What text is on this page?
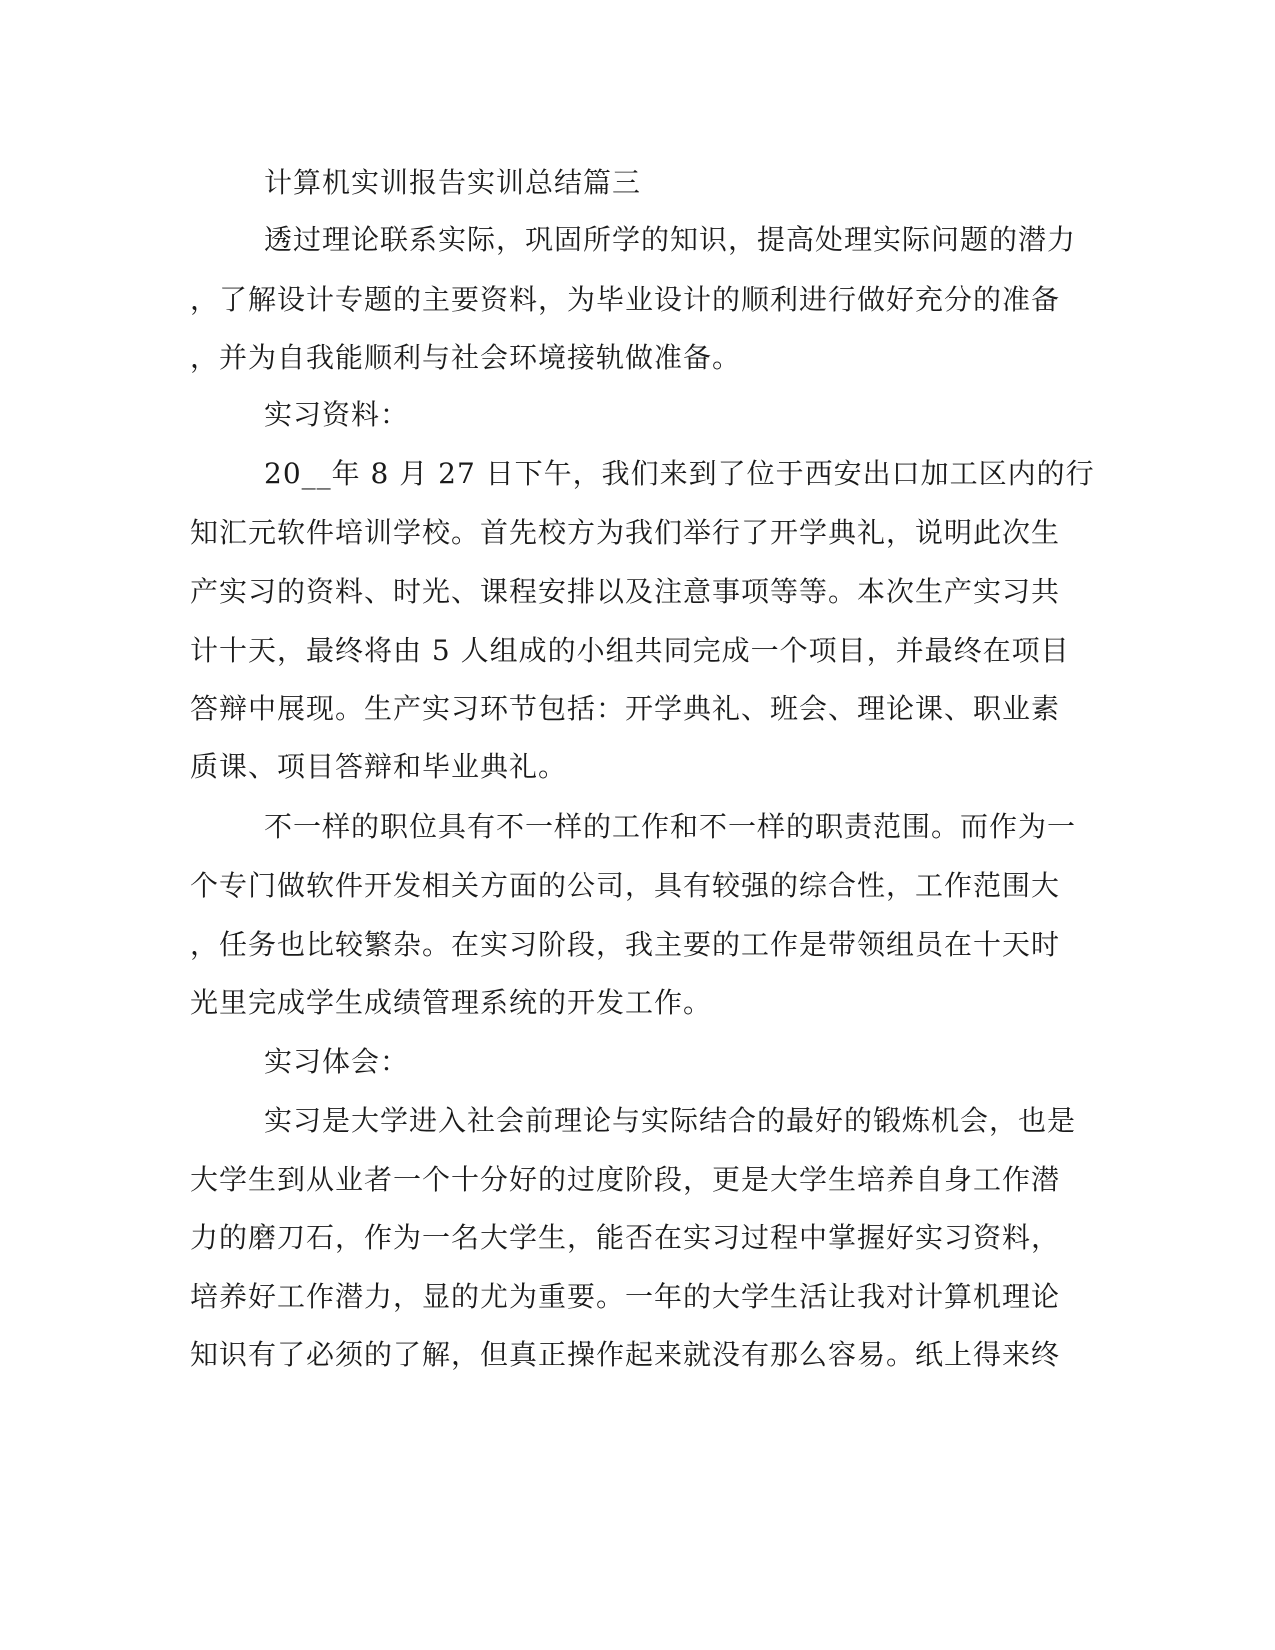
计算机实训报告实训总结篇三
透过理论联系实际，巩固所学的知识，提高处理实际问题的潜力
，了解设计专题的主要资料，为毕业设计的顺利进行做好充分的准备
，并为自我能顺利与社会环境接轨做准备。
实习资料：
20__年 8 月 27 日下午，我们来到了位于西安出口加工区内的行
知汇元软件培训学校。首先校方为我们举行了开学典礼，说明此次生
产实习的资料、时光、课程安排以及注意事项等等。本次生产实习共
计十天，最终将由 5 人组成的小组共同完成一个项目，并最终在项目
答辩中展现。生产实习环节包括：开学典礼、班会、理论课、职业素
质课、项目答辩和毕业典礼。
不一样的职位具有不一样的工作和不一样的职责范围。而作为一
个专门做软件开发相关方面的公司，具有较强的综合性，工作范围大
，任务也比较繁杂。在实习阶段，我主要的工作是带领组员在十天时
光里完成学生成绩管理系统的开发工作。
实习体会：
实习是大学进入社会前理论与实际结合的最好的锻炼机会，也是
大学生到从业者一个十分好的过度阶段，更是大学生培养自身工作潜
力的磨刀石，作为一名大学生，能否在实习过程中掌握好实习资料，
培养好工作潜力，显的尤为重要。一年的大学生活让我对计算机理论
知识有了必须的了解，但真正操作起来就没有那么容易。纸上得来终
